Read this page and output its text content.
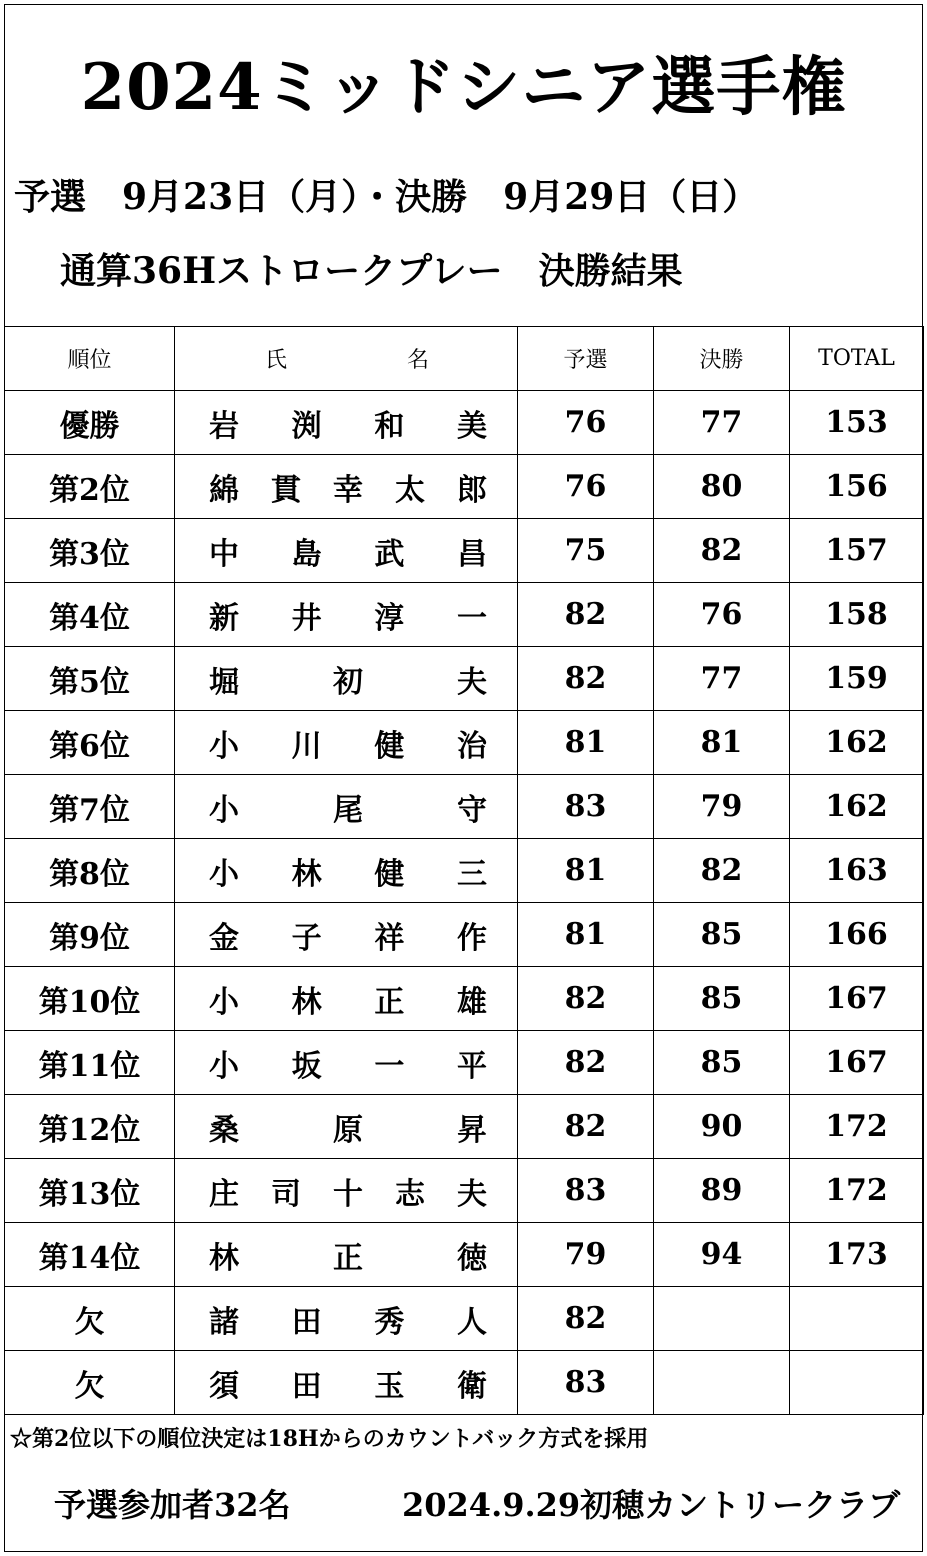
2024ミッドシニア選手権
予選　9月23日（月）・決勝　9月29日（日）
通算36Hストロークプレー　決勝結果
順位	氏 名	予選	決勝	TOTAL
優勝	岩 渕 和 美	76	77	153
第2位	綿 貫 幸 太 郎	76	80	156
第3位	中 島 武 昌	75	82	157
第4位	新 井 淳 一	82	76	158
第5位	堀 初 夫	82	77	159
第6位	小 川 健 治	81	81	162
第7位	小 尾 守	83	79	162
第8位	小 林 健 三	81	82	163
第9位	金 子 祥 作	81	85	166
第10位	小 林 正 雄	82	85	167
第11位	小 坂 一 平	82	85	167
第12位	桑 原 昇	82	90	172
第13位	庄 司 十 志 夫	83	89	172
第14位	林 正 徳	79	94	173
欠	諸 田 秀 人	82		
欠	須 田 玉 衛	83		
☆第2位以下の順位決定は18Hからのカウントバック方式を採用
予選参加者32名	2024.9.29初穂カントリークラブ
